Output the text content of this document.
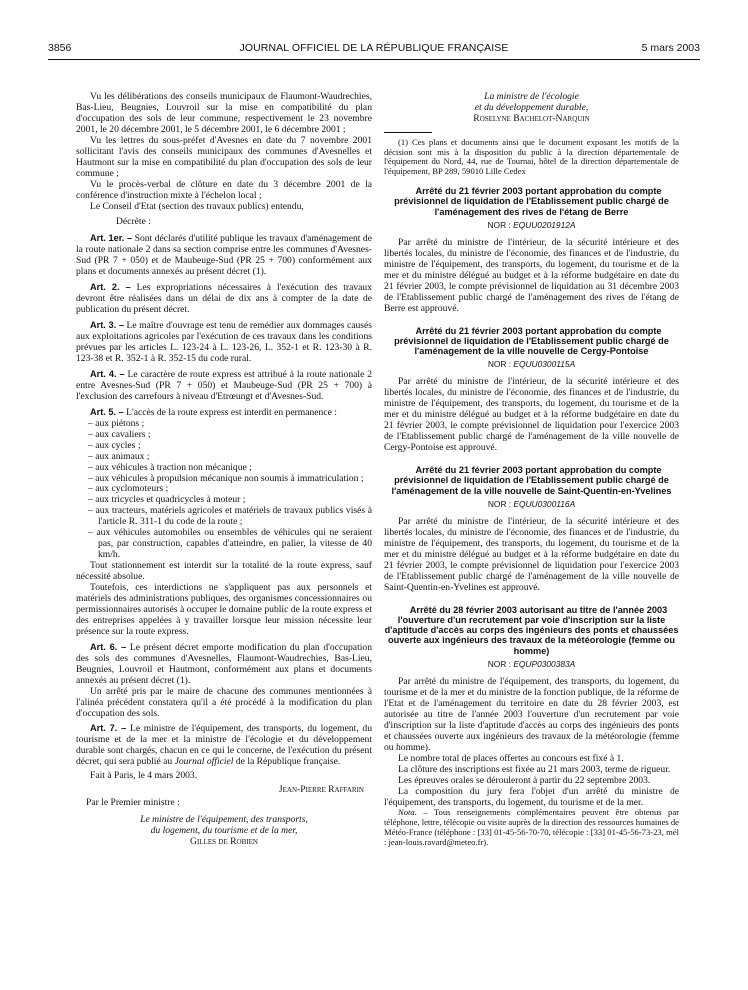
3856	JOURNAL OFFICIEL DE LA RÉPUBLIQUE FRANÇAISE	5 mars 2003

Vu les délibérations des conseils municipaux de Flaumont-Waudrechies, Bas-Lieu, Beugnies, Louvroil sur la mise en compatibilité du plan d'occupation des sols de leur commune, respectivement le 23 novembre 2001, le 20 décembre 2001, le 5 décembre 2001, le 6 décembre 2001 ;

Vu les lettres du sous-préfet d'Avesnes en date du 7 novembre 2001 sollicitant l'avis des conseils municipaux des communes d'Avesnelles et Hautmont sur la mise en compatibilité du plan d'occupation des sols de leur commune ;

Vu le procès-verbal de clôture en date du 3 décembre 2001 de la conférence d'instruction mixte à l'échelon local ;

Le Conseil d'Etat (section des travaux publics) entendu,

Décrète :

Art. 1er. – Sont déclarés d'utilité publique les travaux d'aménagement de la route nationale 2 dans sa section comprise entre les communes d'Avesnes-Sud (PR 7 + 050) et de Maubeuge-Sud (PR 25 + 700) conformément aux plans et documents annexés au présent décret (1).

Art. 2. – Les expropriations nécessaires à l'exécution des travaux devront être réalisées dans un délai de dix ans à compter de la date de publication du présent décret.

Art. 3. – Le maître d'ouvrage est tenu de remédier aux dommages causés aux exploitations agricoles par l'exécution de ces travaux dans les conditions prévues par les articles L. 123-24 à L. 123-26, L. 352-1 et R. 123-30 à R. 123-38 et R. 352-1 à R. 352-15 du code rural.

Art. 4. – Le caractère de route express est attribué à la route nationale 2 entre Avesnes-Sud (PR 7 + 050) et Maubeuge-Sud (PR 25 + 700) à l'exclusion des carrefours à niveau d'Etrœungt et d'Avesnes-Sud.

Art. 5. – L'accès de la route express est interdit en permanence :

– aux piétons ;
– aux cavaliers ;
– aux cycles ;
– aux animaux ;
– aux véhicules à traction non mécanique ;
– aux véhicules à propulsion mécanique non soumis à immatriculation ;
– aux cyclomoteurs ;
– aux tricycles et quadricycles à moteur ;
– aux tracteurs, matériels agricoles et matériels de travaux publics visés à l'article R. 311-1 du code de la route ;
– aux véhicules automobiles ou ensembles de véhicules qui ne seraient pas, par construction, capables d'atteindre, en palier, la vitesse de 40 km/h.

Tout stationnement est interdit sur la totalité de la route express, sauf nécessité absolue.

Toutefois, ces interdictions ne s'appliquent pas aux personnels et matériels des administrations publiques, des organismes concessionnaires ou permissionnaires autorisés à occuper le domaine public de la route express et des entreprises appelées à y travailler lorsque leur mission nécessite leur présence sur la route express.

Art. 6. – Le présent décret emporte modification du plan d'occupation des sols des communes d'Avesnelles, Flaumont-Waudrechies, Bas-Lieu, Beugnies, Louvroil et Hautmont, conformément aux plans et documents annexés au présent décret (1).

Un arrêté pris par le maire de chacune des communes mentionnées à l'alinéa précédent constatera qu'il a été procédé à la modification du plan d'occupation des sols.

Art. 7. – Le ministre de l'équipement, des transports, du logement, du tourisme et de la mer et la ministre de l'écologie et du développement durable sont chargés, chacun en ce qui le concerne, de l'exécution du présent décret, qui sera publié au Journal officiel de la République française.

Fait à Paris, le 4 mars 2003.

Jean-Pierre Raffarin

Par le Premier ministre :

Le ministre de l'équipement, des transports,
du logement, du tourisme et de la mer,
Gilles de Robien
La ministre de l'écologie
et du développement durable,
Roselyne Bachelot-Narquin

(1) Ces plans et documents ainsi que le document exposant les motifs de la décision sont mis à la disposition du public à la direction départementale de l'équipement du Nord, 44, rue de Tournai, hôtel de la direction départementale de l'équipement, BP 289, 59010 Lille Cedex

Arrêté du 21 février 2003 portant approbation du compte prévisionnel de liquidation de l'Etablissement public chargé de l'aménagement des rives de l'étang de Berre

NOR : EQUU0201912A

Par arrêté du ministre de l'intérieur, de la sécurité intérieure et des libertés locales, du ministre de l'économie, des finances et de l'industrie, du ministre de l'équipement, des transports, du logement, du tourisme et de la mer et du ministre délégué au budget et à la réforme budgétaire en date du 21 février 2003, le compte prévisionnel de liquidation au 31 décembre 2003 de l'Etablissement public chargé de l'aménagement des rives de l'étang de Berre est approuvé.

Arrêté du 21 février 2003 portant approbation du compte prévisionnel de liquidation de l'Etablissement public chargé de l'aménagement de la ville nouvelle de Cergy-Pontoise

NOR : EQUU0300115A

Par arrêté du ministre de l'intérieur, de la sécurité intérieure et des libertés locales, du ministre de l'économie, des finances et de l'industrie, du ministre de l'équipement, des transports, du logement, du tourisme et de la mer et du ministre délégué au budget et à la réforme budgétaire en date du 21 février 2003, le compte prévisionnel de liquidation pour l'exercice 2003 de l'Etablissement public chargé de l'aménagement de la ville nouvelle de Cergy-Pontoise est approuvé.

Arrêté du 21 février 2003 portant approbation du compte prévisionnel de liquidation de l'Etablissement public chargé de l'aménagement de la ville nouvelle de Saint-Quentin-en-Yvelines

NOR : EQUU0300116A

Par arrêté du ministre de l'intérieur, de la sécurité intérieure et des libertés locales, du ministre de l'économie, des finances et de l'industrie, du ministre de l'équipement, des transports, du logement, du tourisme et de la mer et du ministre délégué au budget et à la réforme budgétaire en date du 21 février 2003, le compte prévisionnel de liquidation pour l'exercice 2003 de l'Etablissement public chargé de l'aménagement de la ville nouvelle de Saint-Quentin-en-Yvelines est approuvé.

Arrêté du 28 février 2003 autorisant au titre de l'année 2003 l'ouverture d'un recrutement par voie d'inscription sur la liste d'aptitude d'accès au corps des ingénieurs des ponts et chaussées ouverte aux ingénieurs des travaux de la météorologie (femme ou homme)

NOR : EQUP0300383A

Par arrêté du ministre de l'équipement, des transports, du logement, du tourisme et de la mer et du ministre de la fonction publique, de la réforme de l'Etat et de l'aménagement du territoire en date du 28 février 2003, est autorisée au titre de l'année 2003 l'ouverture d'un recrutement par voie d'inscription sur la liste d'aptitude d'accès au corps des ingénieurs des ponts et chaussées ouverte aux ingénieurs des travaux de la météorologie (femme ou homme).

Le nombre total de places offertes au concours est fixé à 1.

La clôture des inscriptions est fixée au 21 mars 2003, terme de rigueur.

Les épreuves orales se dérouleront à partir du 22 septembre 2003.

La composition du jury fera l'objet d'un arrêté du ministre de l'équipement, des transports, du logement, du tourisme et de la mer.

Nota. – Tous renseignements complémentaires peuvent être obtenus par téléphone, lettre, télécopie ou visite auprès de la direction des ressources humaines de Météo-France (téléphone : [33] 01-45-56-70-70, télécopie : [33] 01-45-56-73-23, mél : jean-louis.ravard@meteo.fr).
